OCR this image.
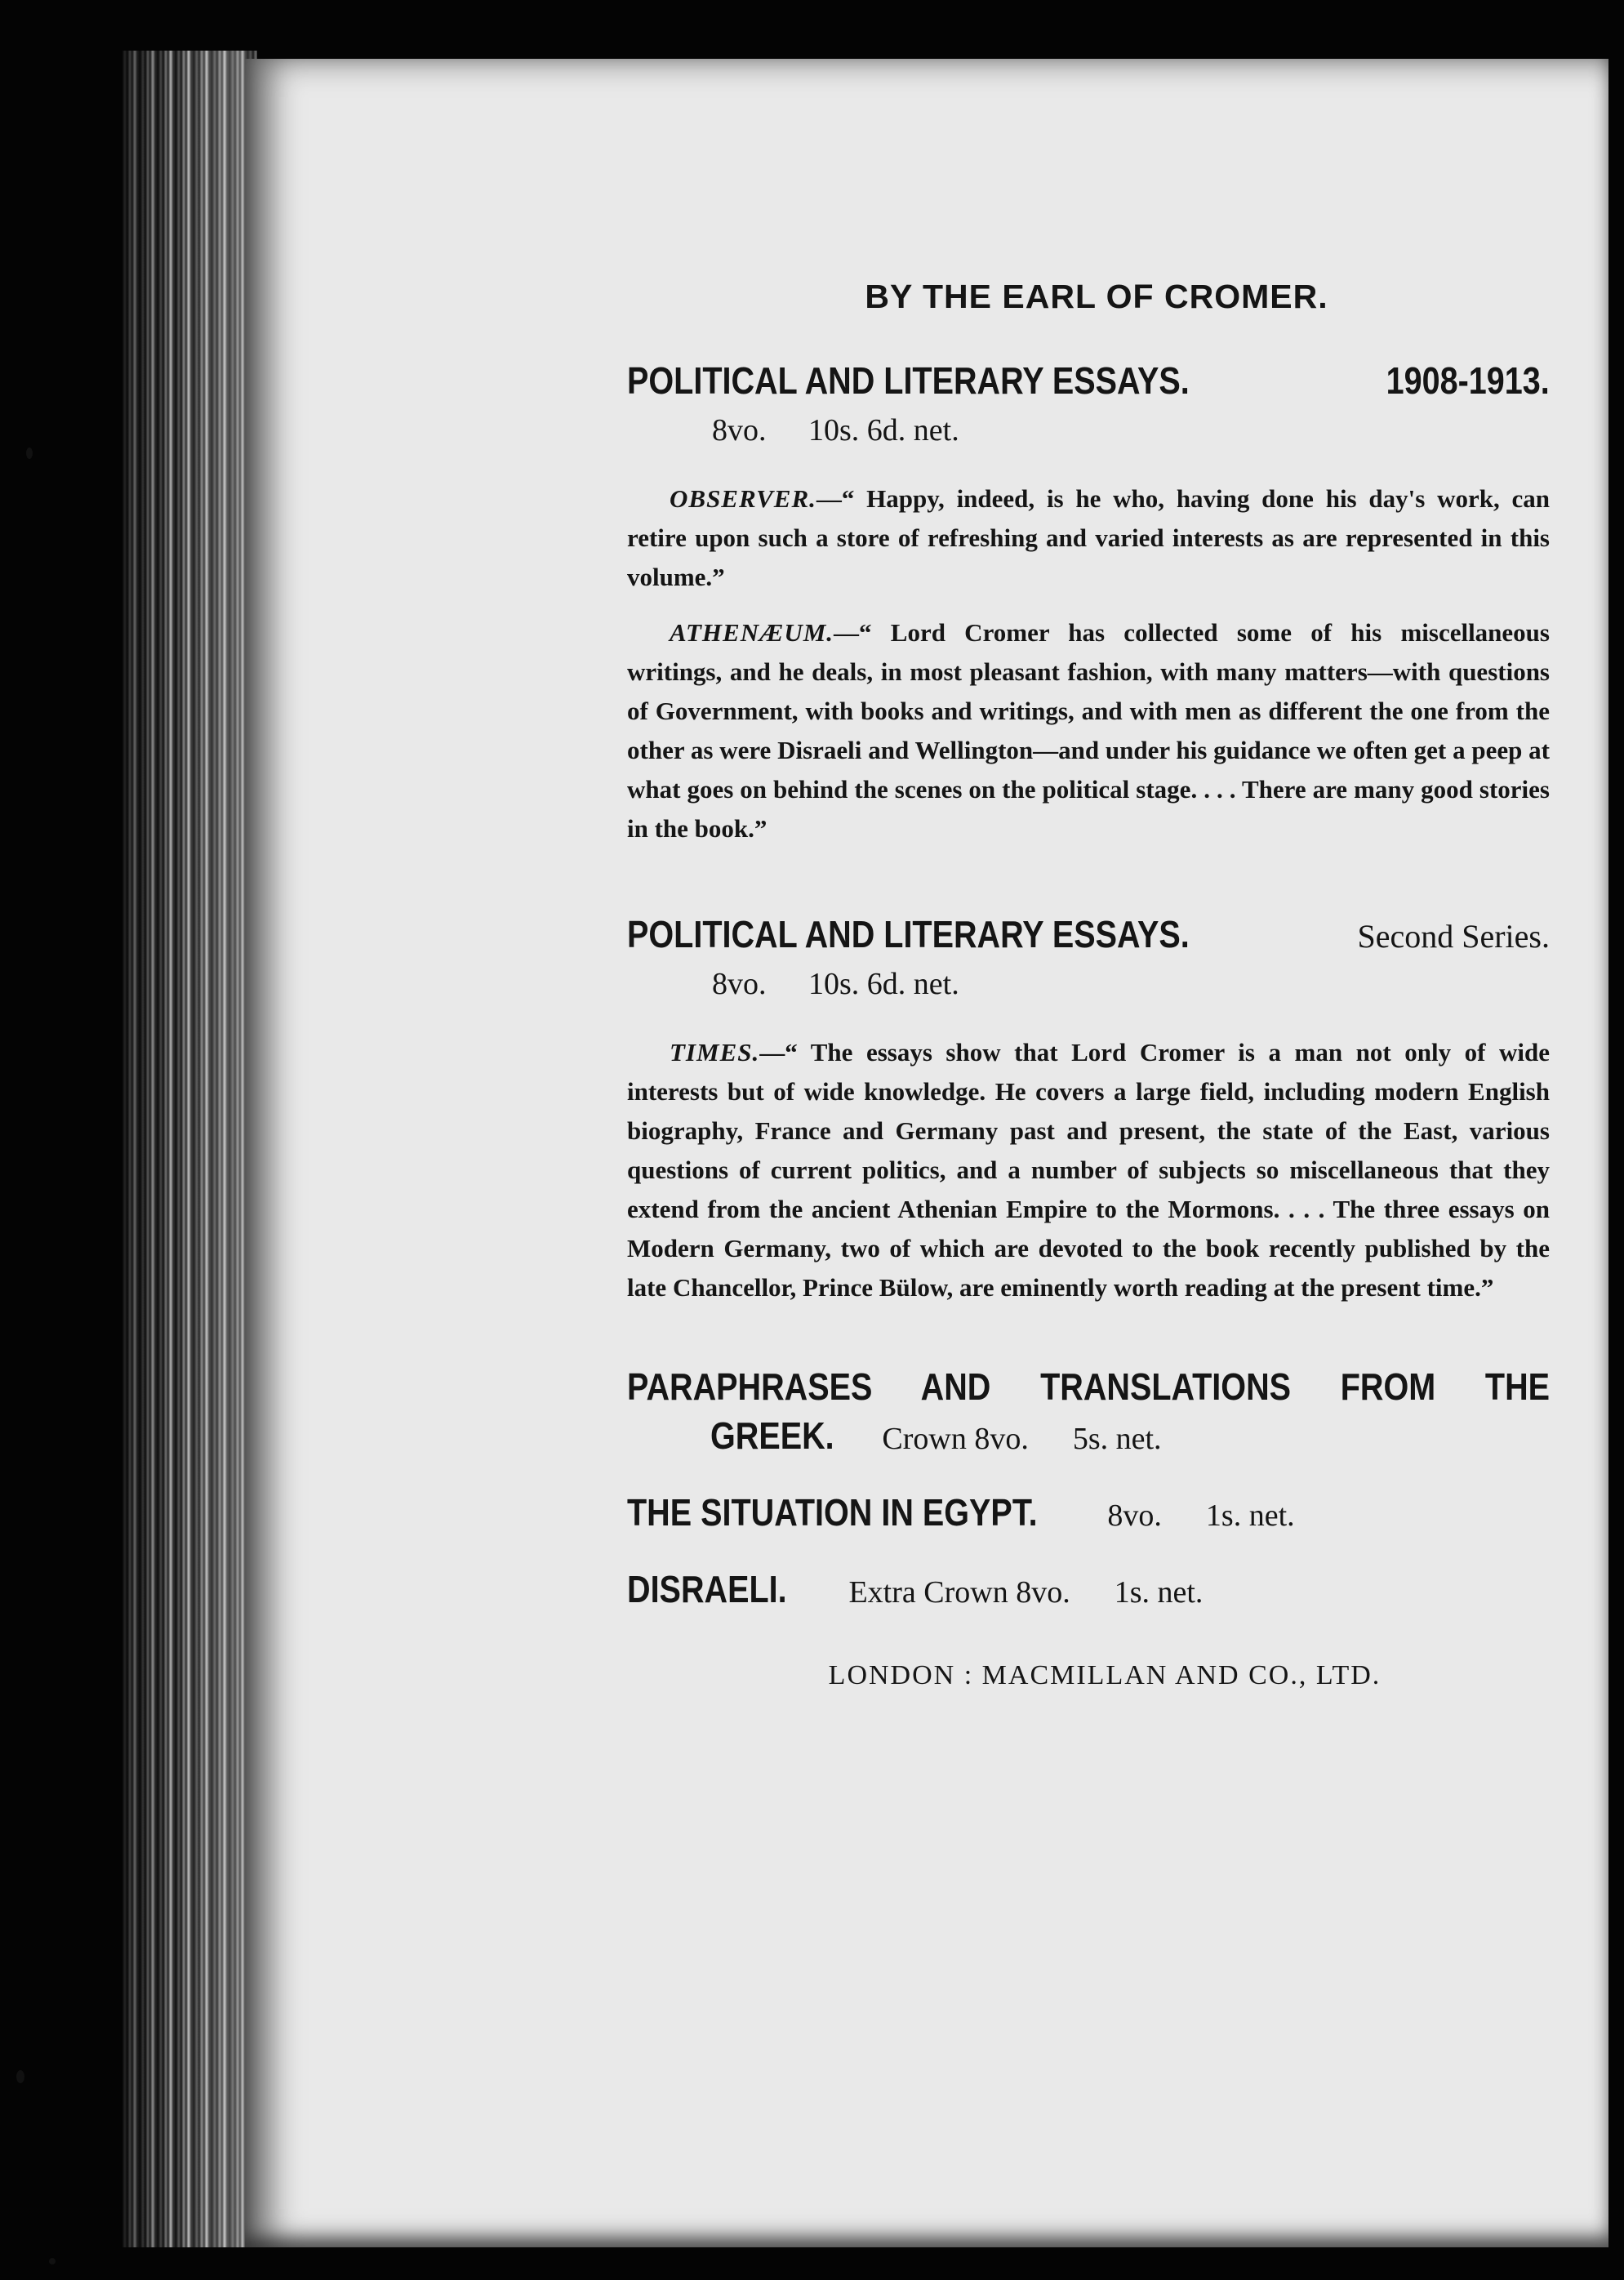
BY THE EARL OF CROMER.
POLITICAL AND LITERARY ESSAYS.	1908-1913.
8vo. 10s. 6d. net.

OBSERVER.—“ Happy, indeed, is he who, having done his day's work, can retire upon such a store of refreshing and varied interests as are represented in this volume.”

ATHENÆUM.—“ Lord Cromer has collected some of his miscellaneous writings, and he deals, in most pleasant fashion, with many matters—with questions of Government, with books and writings, and with men as different the one from the other as were Disraeli and Wellington—and under his guidance we often get a peep at what goes on behind the scenes on the political stage. . . . There are many good stories in the book.”

POLITICAL AND LITERARY ESSAYS.	Second Series.
8vo. 10s. 6d. net.

TIMES.—“ The essays show that Lord Cromer is a man not only of wide interests but of wide knowledge. He covers a large field, including modern English biography, France and Germany past and present, the state of the East, various questions of current politics, and a number of subjects so miscellaneous that they extend from the ancient Athenian Empire to the Mormons. . . . The three essays on Modern Germany, two of which are devoted to the book recently published by the late Chancellor, Prince Bülow, are eminently worth reading at the present time.”

PARAPHRASES AND TRANSLATIONS FROM THE
GREEK.	Crown 8vo. 5s. net.
THE SITUATION IN EGYPT.	8vo. 1s. net.
DISRAELI.	Extra Crown 8vo. 1s. net.
LONDON : MACMILLAN AND CO., LTD.
